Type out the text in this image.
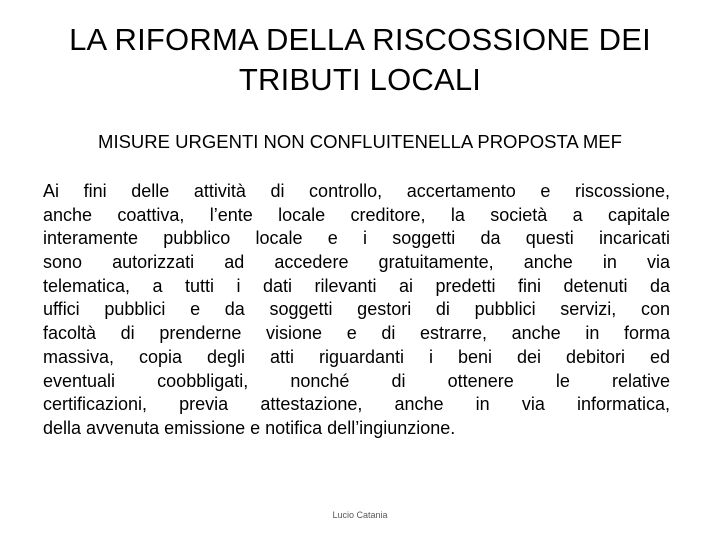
LA RIFORMA DELLA RISCOSSIONE DEI
TRIBUTI LOCALI
MISURE URGENTI NON CONFLUITENELLA PROPOSTA MEF
Ai fini delle attività di controllo, accertamento e riscossione,
anche coattiva, l’ente locale creditore, la società a capitale
interamente pubblico locale e i soggetti da questi incaricati
sono autorizzati ad accedere gratuitamente, anche in via
telematica, a tutti i dati rilevanti ai predetti fini detenuti da
uffici pubblici e da soggetti gestori di pubblici servizi, con
facoltà di prenderne visione e di estrarre, anche in forma
massiva, copia degli atti riguardanti i beni dei debitori ed
eventuali coobbligati, nonché di ottenere le relative
certificazioni, previa attestazione, anche in via informatica,
della avvenuta emissione e notifica dell’ingiunzione.
Lucio Catania
